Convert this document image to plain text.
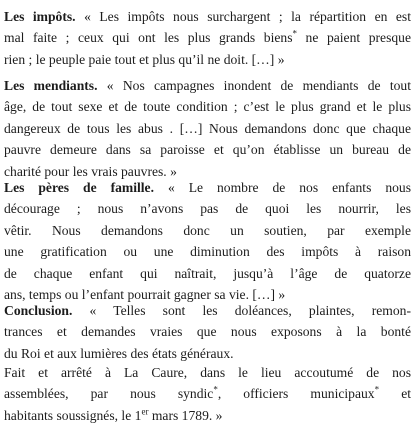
Les impôts. « Les impôts nous surchargent ; la répartition en est
mal faite ; ceux qui ont les plus grands biens* ne paient presque
rien ; le peuple paie tout et plus qu’il ne doit. […] »
Les mendiants. « Nos campagnes inondent de mendiants de tout
âge, de tout sexe et de toute condition ; c’est le plus grand et le plus
dangereux de tous les abus . […] Nous demandons donc que chaque
pauvre demeure dans sa paroisse et qu’on établisse un bureau de
charité pour les vrais pauvres. »
Les pères de famille. « Le nombre de nos enfants nous
décourage ; nous n’avons pas de quoi les nourrir, les
vêtir. Nous demandons donc un soutien, par exemple
une gratification ou une diminution des impôts à raison
de chaque enfant qui naîtrait, jusqu’à l’âge de quatorze
ans, temps ou l’enfant pourrait gagner sa vie. […] »
Conclusion. « Telles sont les doléances, plaintes, remon-
trances et demandes vraies que nous exposons à la bonté
du Roi et aux lumières des états généraux.
Fait et arrêté à La Caure, dans le lieu accoutumé de nos
assemblées, par nous syndic*, officiers municipaux* et
habitants soussignés, le 1er mars 1789. »
